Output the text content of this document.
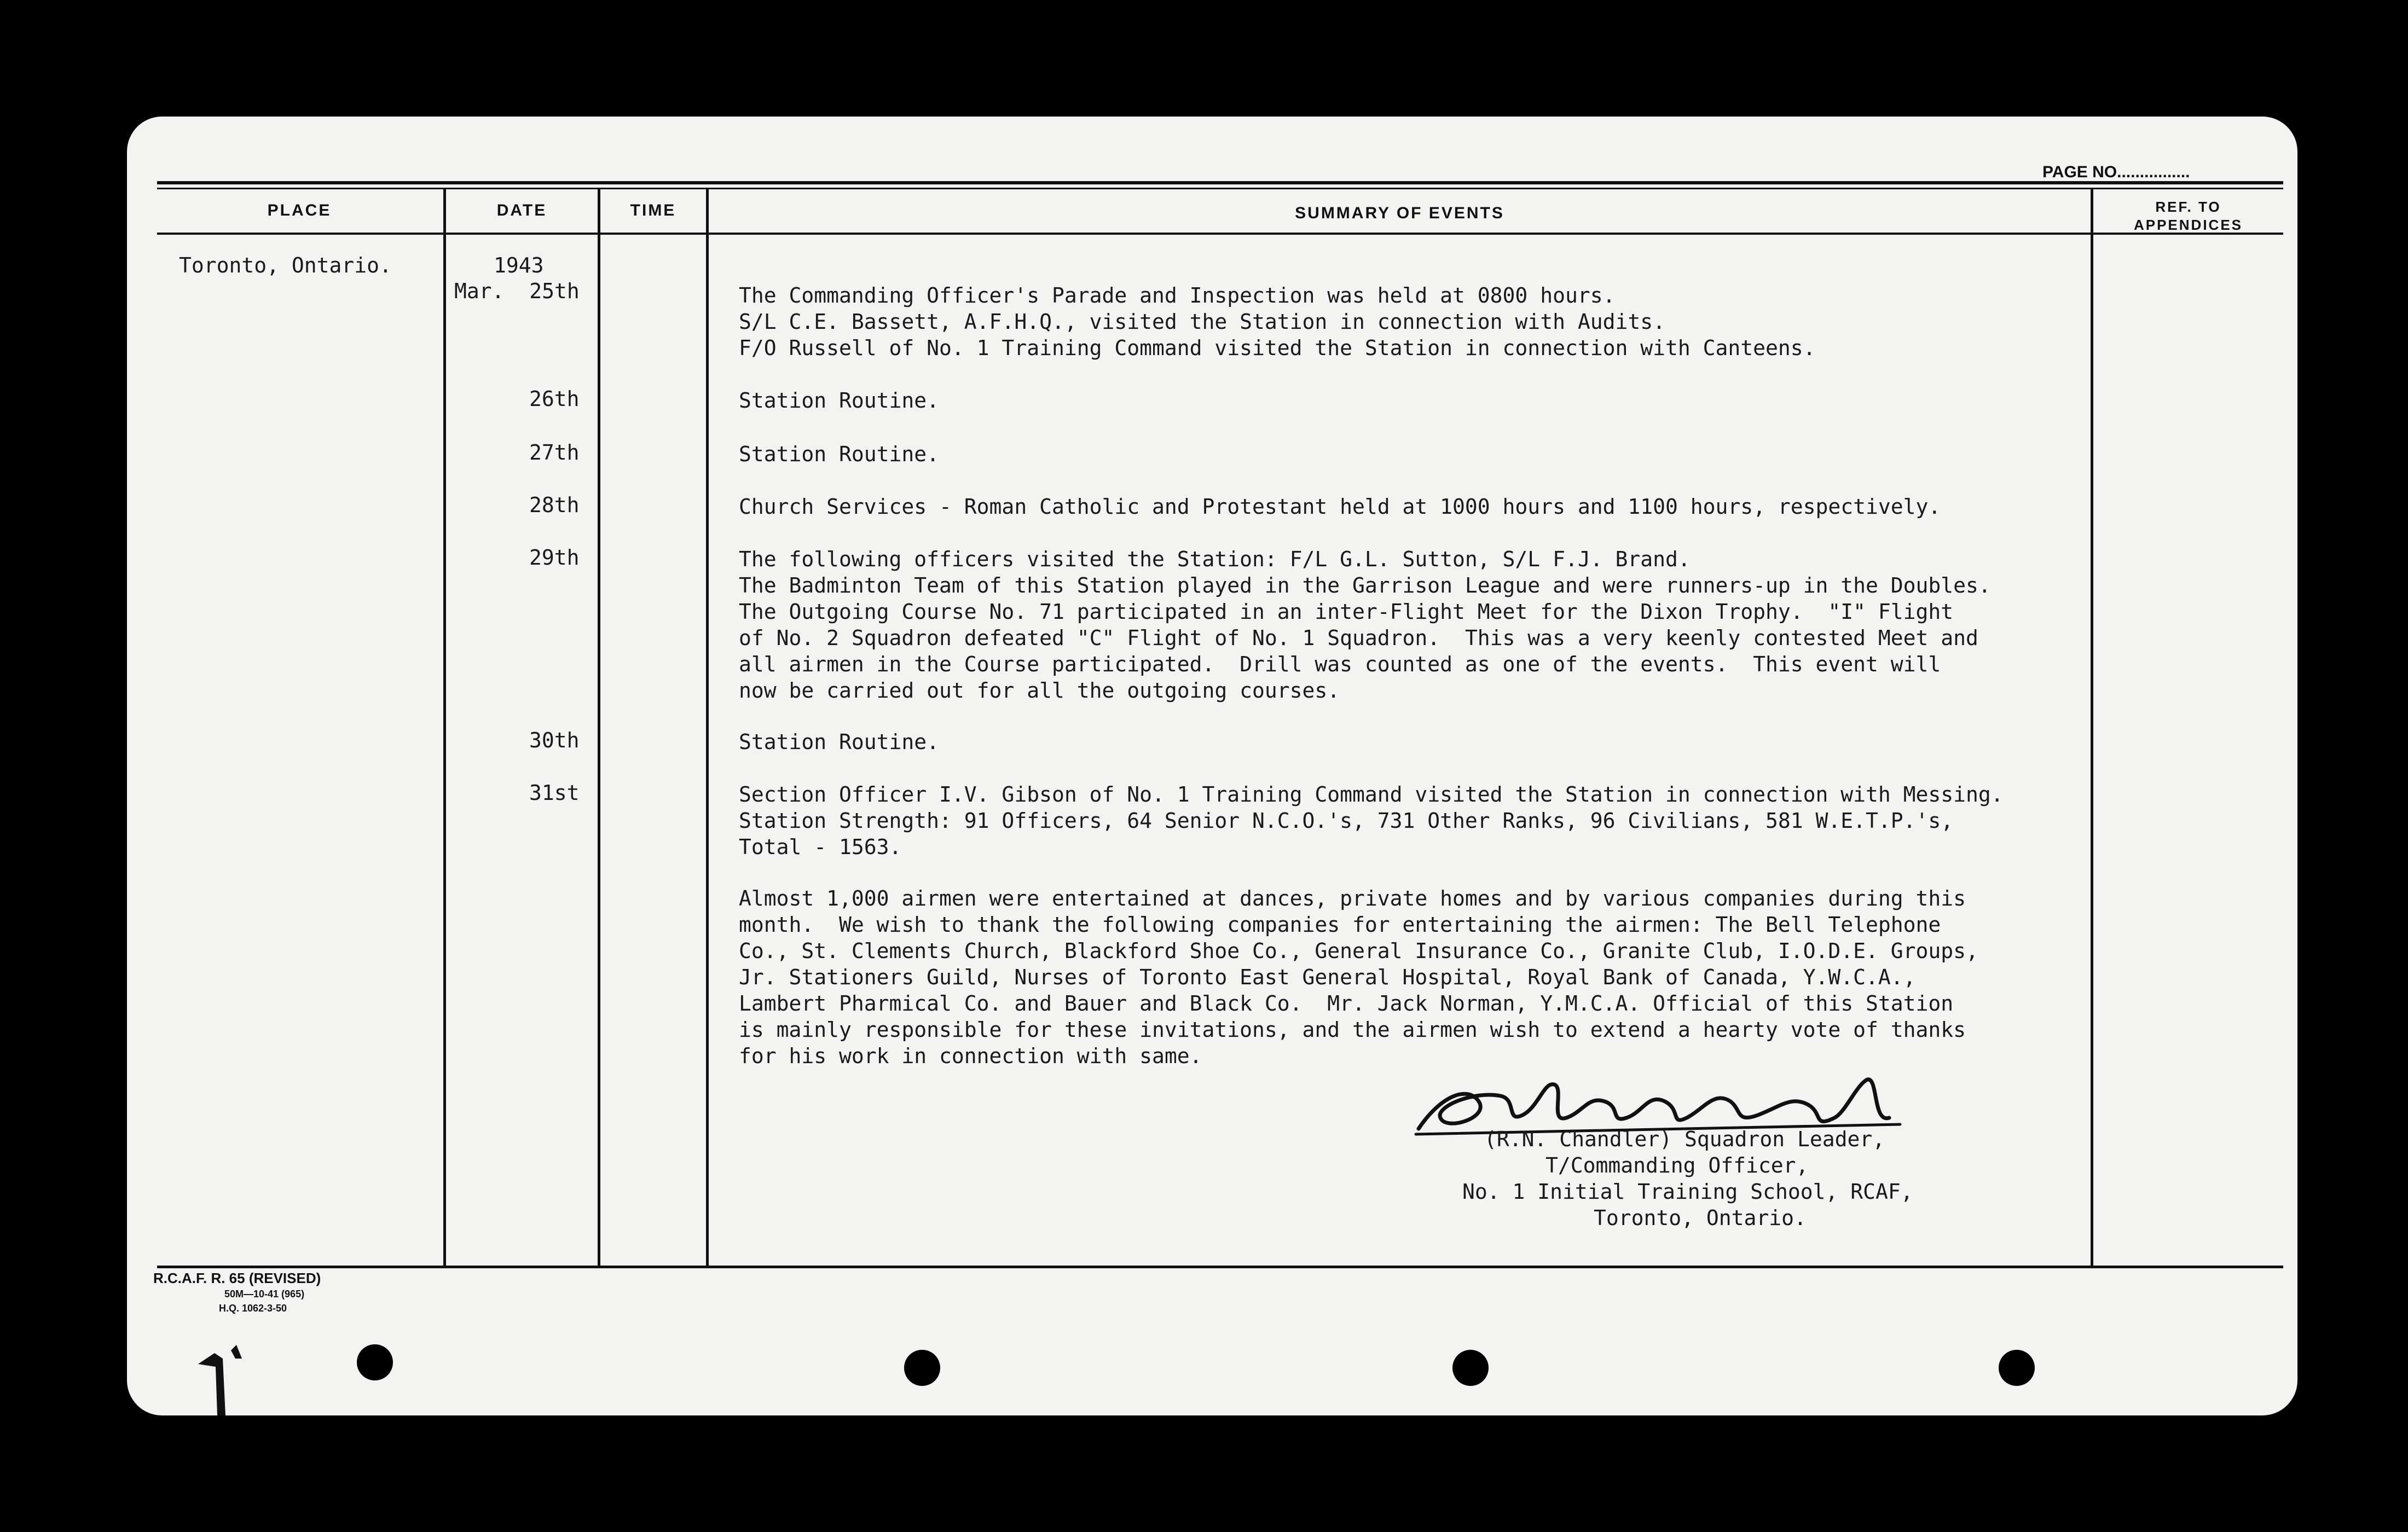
PAGE NO................
PLACE	DATE	TIME	SUMMARY OF EVENTS	REF. TO
APPENDICES
Toronto, Ontario.	1943
Mar.  25th	The Commanding Officer's Parade and Inspection was held at 0800 hours.
S/L C.E. Bassett, A.F.H.Q., visited the Station in connection with Audits.
F/O Russell of No. 1 Training Command visited the Station in connection with Canteens.
26th	Station Routine.
27th	Station Routine.
28th	Church Services - Roman Catholic and Protestant held at 1000 hours and 1100 hours, respectively.
29th	The following officers visited the Station: F/L G.L. Sutton, S/L F.J. Brand.
The Badminton Team of this Station played in the Garrison League and were runners-up in the Doubles.
The Outgoing Course No. 71 participated in an inter-Flight Meet for the Dixon Trophy.  "I" Flight
of No. 2 Squadron defeated "C" Flight of No. 1 Squadron.  This was a very keenly contested Meet and
all airmen in the Course participated.  Drill was counted as one of the events.  This event will
now be carried out for all the outgoing courses.
30th	Station Routine.
31st	Section Officer I.V. Gibson of No. 1 Training Command visited the Station in connection with Messing.
Station Strength: 91 Officers, 64 Senior N.C.O.'s, 731 Other Ranks, 96 Civilians, 581 W.E.T.P.'s,
Total - 1563.
Almost 1,000 airmen were entertained at dances, private homes and by various companies during this
month.  We wish to thank the following companies for entertaining the airmen: The Bell Telephone
Co., St. Clements Church, Blackford Shoe Co., General Insurance Co., Granite Club, I.O.D.E. Groups,
Jr. Stationers Guild, Nurses of Toronto East General Hospital, Royal Bank of Canada, Y.W.C.A.,
Lambert Pharmical Co. and Bauer and Black Co.  Mr. Jack Norman, Y.M.C.A. Official of this Station
is mainly responsible for these invitations, and the airmen wish to extend a hearty vote of thanks
for his work in connection with same.
(R.N. Chandler) Squadron Leader,
T/Commanding Officer,
No. 1 Initial Training School, RCAF,
Toronto, Ontario.
R.C.A.F. R. 65 (REVISED)
50M—10-41 (965)
H.Q. 1062-3-50
